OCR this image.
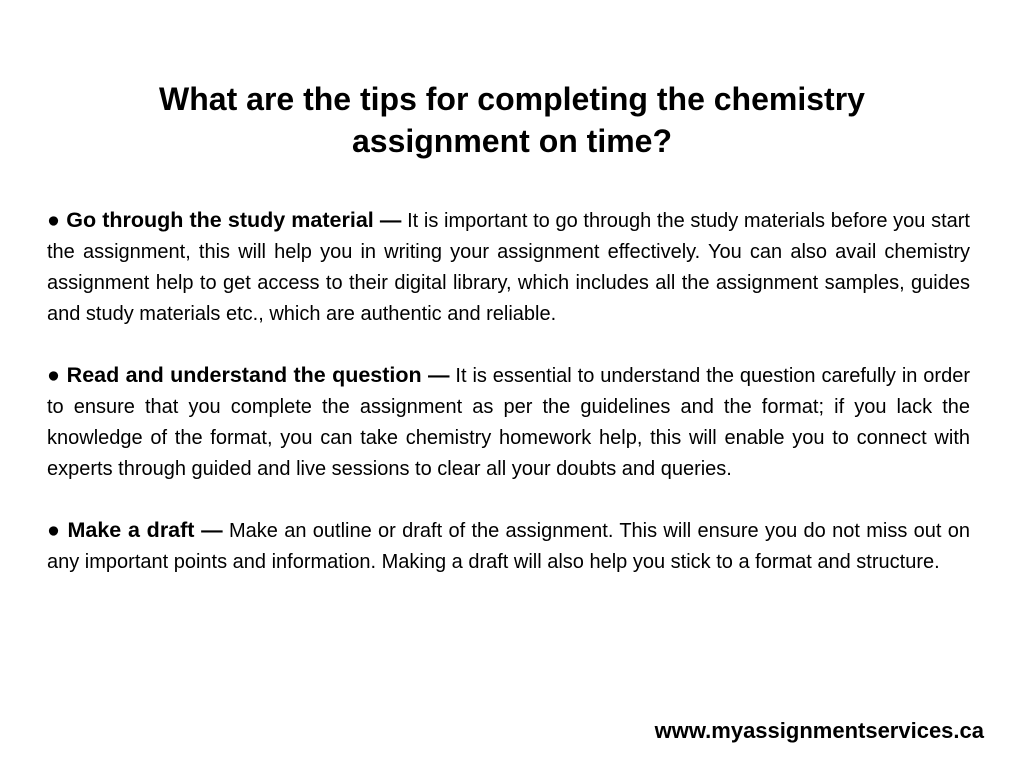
What are the tips for completing the chemistry assignment on time?

● Go through the study material — It is important to go through the study materials before you start the assignment, this will help you in writing your assignment effectively. You can also avail chemistry assignment help to get access to their digital library, which includes all the assignment samples, guides and study materials etc., which are authentic and reliable.

● Read and understand the question — It is essential to understand the question carefully in order to ensure that you complete the assignment as per the guidelines and the format; if you lack the knowledge of the format, you can take chemistry homework help, this will enable you to connect with experts through guided and live sessions to clear all your doubts and queries.

● Make a draft — Make an outline or draft of the assignment. This will ensure you do not miss out on any important points and information. Making a draft will also help you stick to a format and structure.

www.myassignmentservices.ca
